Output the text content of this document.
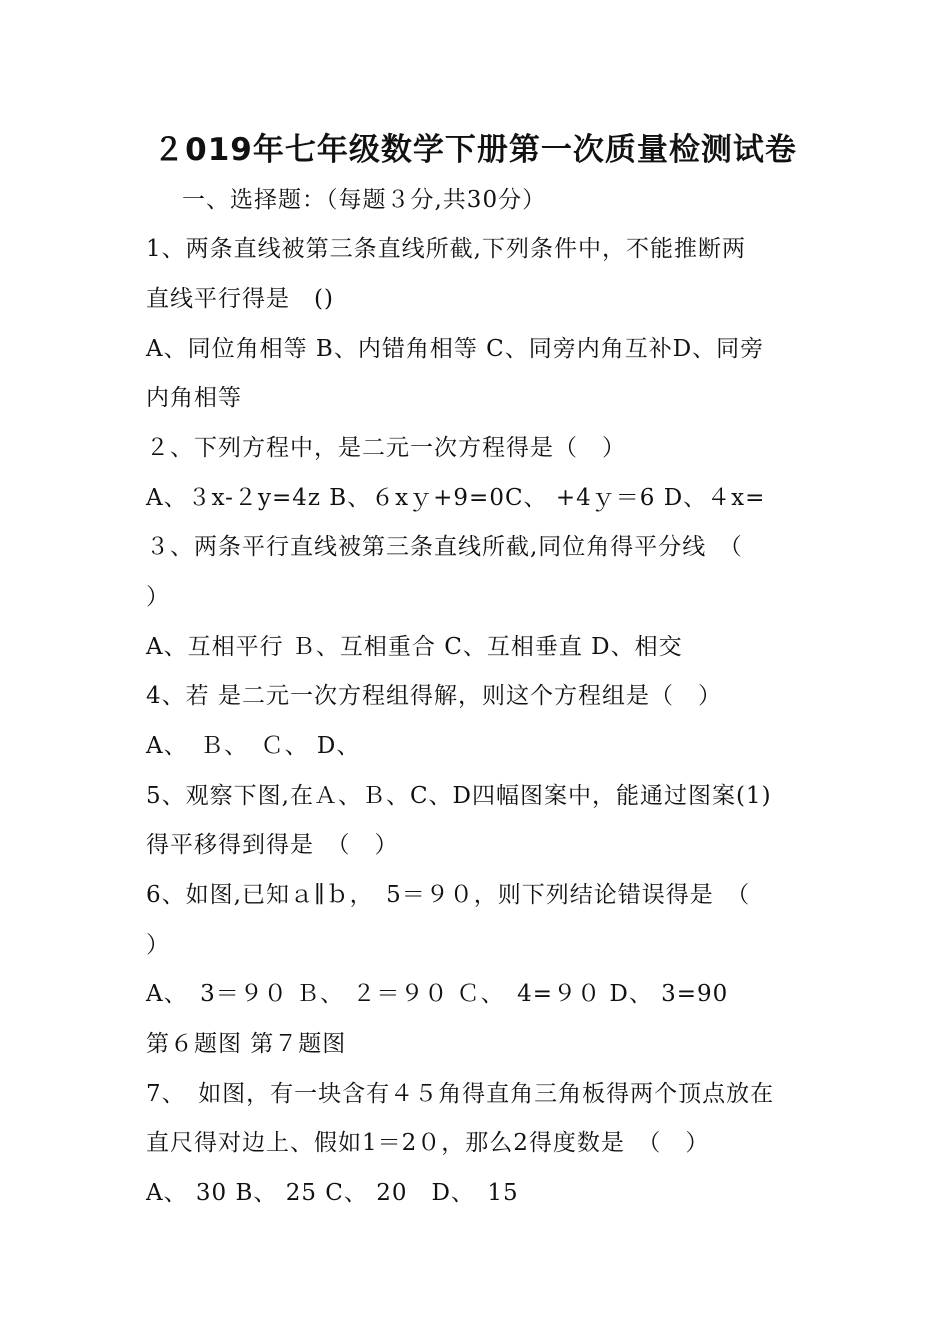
２019年七年级数学下册第一次质量检测试卷
一、选择题：（每题３分,共30分）
1、两条直线被第三条直线所截,下列条件中，不能推断两
直线平行得是　()
A、同位角相等 B、内错角相等 C、同旁内角互补D、同旁
内角相等
２、下列方程中，是二元一次方程得是（　）
A、３x-２y=4z B、６xｙ+9=0C、 +4ｙ＝6 D、４x=
３、两条平行直线被第三条直线所截,同位角得平分线　（
）
A、互相平行 Ｂ、互相重合 C、互相垂直 D、相交
4、若 是二元一次方程组得解，则这个方程组是（　）
A、　Ｂ、　Ｃ、 D、
5、观察下图,在Ａ、Ｂ、C、D四幅图案中，能通过图案(1)
得平移得到得是　（　）
6、如图,已知ａ∥ｂ，　5＝９０，则下列结论错误得是　（
）
A、　3＝９０ Ｂ、 ２＝９０ Ｃ、　4=９０ D、 3=90
第６题图 第７题图
7、　如图，有一块含有４５角得直角三角板得两个顶点放在
直尺得对边上、假如1＝2０，那么2得度数是　（　）
A、 30 B、 25 C、 20　D、　15
